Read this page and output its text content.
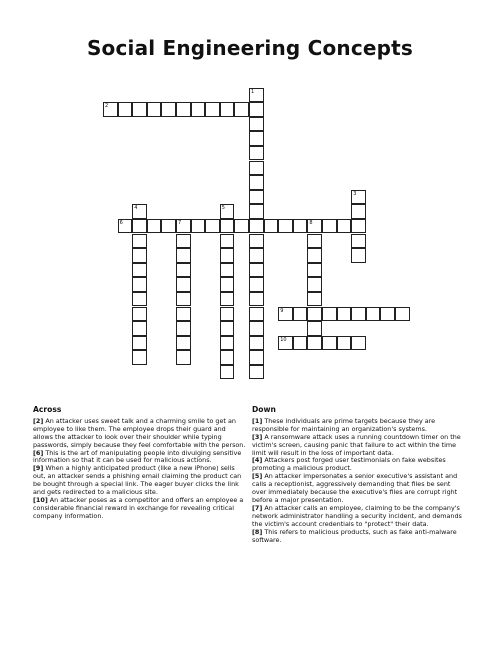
Social Engineering Concepts
1
2
3
4	5
6	7	8
9
10
Across

[2] An attacker uses sweet talk and a charming smile to get an employee to like them. The employee drops their guard and allows the attacker to look over their shoulder while typing passwords, simply because they feel comfortable with the person.

[6] This is the art of manipulating people into divulging sensitive information so that it can be used for malicious actions.

[9] When a highly anticipated product (like a new iPhone) sells out, an attacker sends a phishing email claiming the product can be bought through a special link. The eager buyer clicks the link and gets redirected to a malicious site.

[10] An attacker poses as a competitor and offers an employee a considerable financial reward in exchange for revealing critical company information.

Down

[1] These individuals are prime targets because they are responsible for maintaining an organization's systems.

[3] A ransomware attack uses a running countdown timer on the victim's screen, causing panic that failure to act within the time limit will result in the loss of important data.

[4] Attackers post forged user testimonials on fake websites promoting a malicious product.

[5] An attacker impersonates a senior executive's assistant and calls a receptionist, aggressively demanding that files be sent over immediately because the executive's files are corrupt right before a major presentation.

[7] An attacker calls an employee, claiming to be the company's network administrator handling a security incident, and demands the victim's account credentials to "protect" their data.

[8] This refers to malicious products, such as fake anti-malware software.
